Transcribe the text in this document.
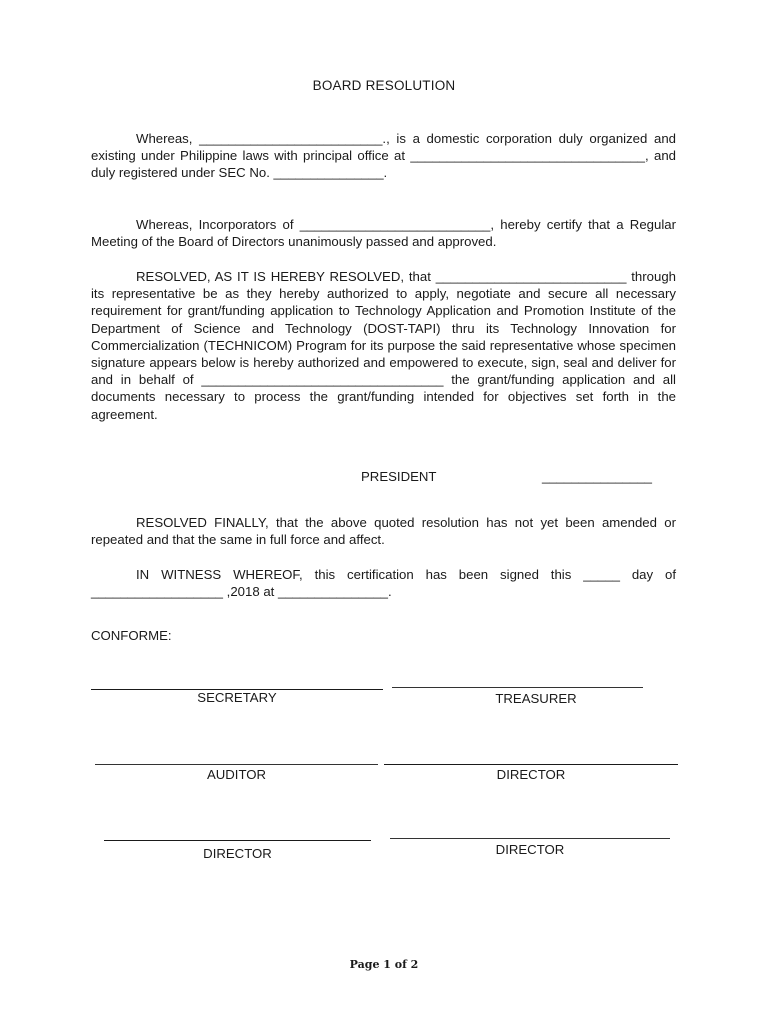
BOARD RESOLUTION

Whereas, _________________________., is a domestic corporation duly organized and existing under Philippine laws with principal office at ________________________________, and duly registered under SEC No. _______________.

Whereas, Incorporators of __________________________, hereby certify that a Regular Meeting of the Board of Directors unanimously passed and approved.

RESOLVED, AS IT IS HEREBY RESOLVED, that __________________________ through its representative be as they hereby authorized to apply, negotiate and secure all necessary requirement for grant/funding application to Technology Application and Promotion Institute of the Department of Science and Technology (DOST-TAPI) thru its Technology Innovation for Commercialization (TECHNICOM) Program for its purpose the said representative whose specimen signature appears below is hereby authorized and empowered to execute, sign, seal and deliver for and in behalf of _________________________________ the grant/funding application and all documents necessary to process the grant/funding intended for objectives set forth in the agreement.

PRESIDENT	_______________

RESOLVED FINALLY, that the above quoted resolution has not yet been amended or repeated and that the same in full force and affect.

IN WITNESS WHEREOF, this certification has been signed this _____ day of __________________ ,2018 at _______________.

CONFORME:
SECRETARY	TREASURER
AUDITOR	DIRECTOR
DIRECTOR	DIRECTOR
Page 1 of 2
